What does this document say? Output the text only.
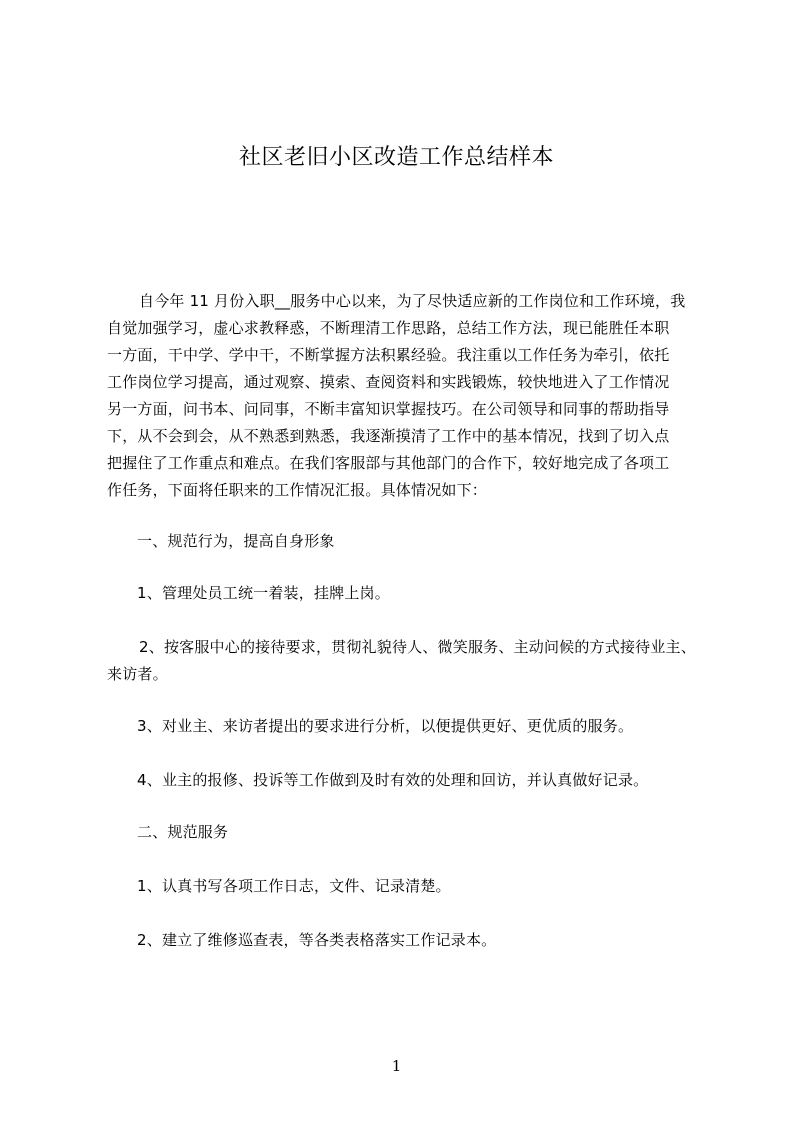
社区老旧小区改造工作总结样本
自今年 11 月份入职__服务中心以来，为了尽快适应新的工作岗位和工作环境，我
自觉加强学习，虚心求教释惑，不断理清工作思路，总结工作方法，现已能胜任本职
一方面，干中学、学中干，不断掌握方法积累经验。我注重以工作任务为牵引，依托
工作岗位学习提高，通过观察、摸索、查阅资料和实践锻炼，较快地进入了工作情况
另一方面，问书本、问同事，不断丰富知识掌握技巧。在公司领导和同事的帮助指导
下，从不会到会，从不熟悉到熟悉，我逐渐摸清了工作中的基本情况，找到了切入点
把握住了工作重点和难点。在我们客服部与其他部门的合作下，较好地完成了各项工
作任务，下面将任职来的工作情况汇报。具体情况如下：
一、规范行为，提高自身形象
1、管理处员工统一着装，挂牌上岗。
2、按客服中心的接待要求，贯彻礼貌待人、微笑服务、主动问候的方式接待业主、
来访者。
3、对业主、来访者提出的要求进行分析，以便提供更好、更优质的服务。
4、业主的报修、投诉等工作做到及时有效的处理和回访，并认真做好记录。
二、规范服务
1、认真书写各项工作日志，文件、记录清楚。
2、建立了维修巡查表，等各类表格落实工作记录本。
1
